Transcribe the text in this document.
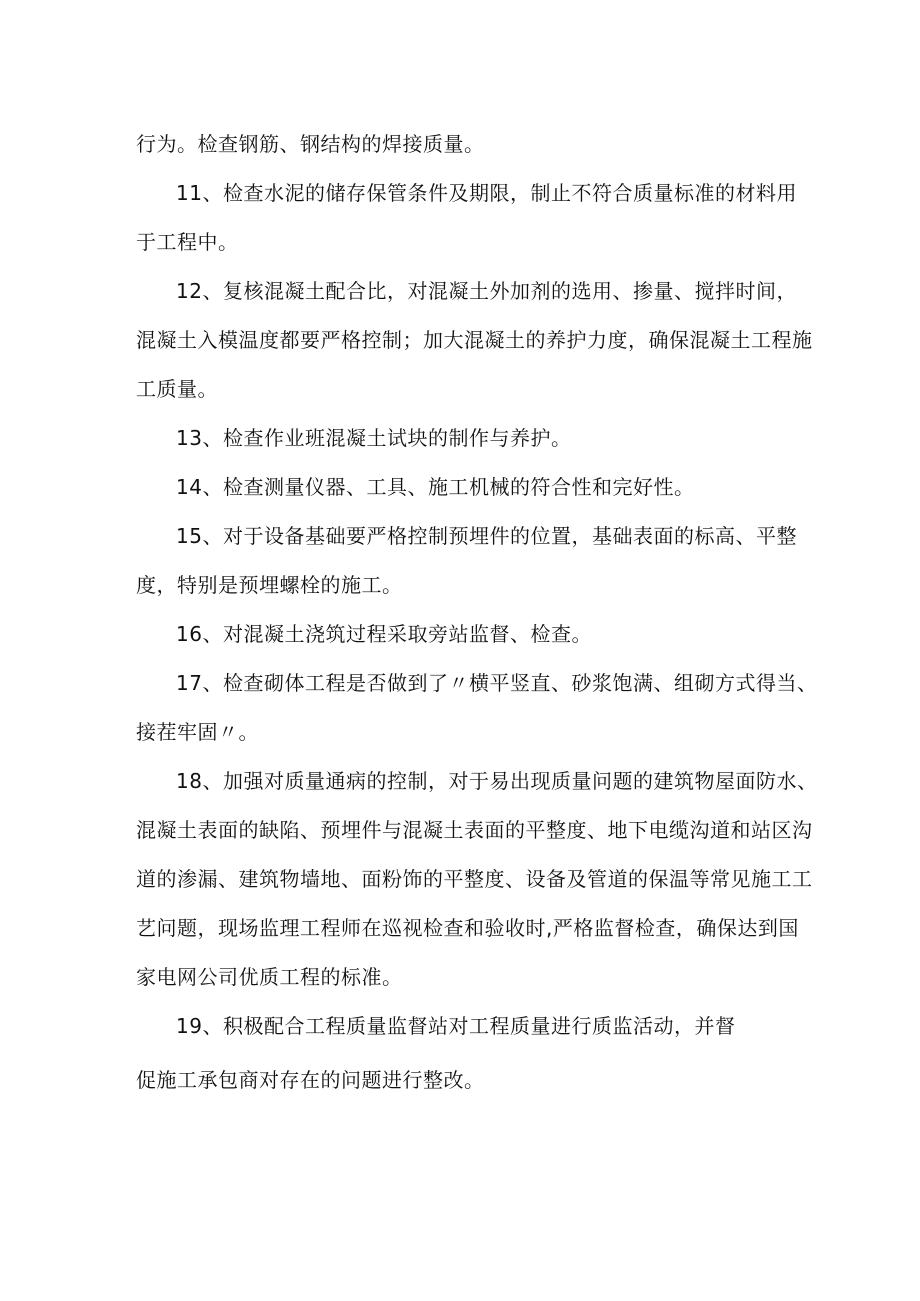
行为。检查钢筋、钢结构的焊接质量。
11、检查水泥的储存保管条件及期限，制止不符合质量标准的材料用
于工程中。
12、复核混凝土配合比，对混凝土外加剂的选用、掺量、搅拌时间，
混凝土入模温度都要严格控制；加大混凝土的养护力度，确保混凝土工程施
工质量。
13、检查作业班混凝土试块的制作与养护。
14、检查测量仪器、工具、施工机械的符合性和完好性。
15、对于设备基础要严格控制预埋件的位置，基础表面的标高、平整
度，特别是预埋螺栓的施工。
16、对混凝土浇筑过程采取旁站监督、检查。
17、检查砌体工程是否做到了〃横平竖直、砂浆饱满、组砌方式得当、
接茬牢固〃。
18、加强对质量通病的控制，对于易出现质量问题的建筑物屋面防水、
混凝土表面的缺陷、预埋件与混凝土表面的平整度、地下电缆沟道和站区沟
道的渗漏、建筑物墙地、面粉饰的平整度、设备及管道的保温等常见施工工
艺问题，现场监理工程师在巡视检查和验收时,严格监督检查，确保达到国
家电网公司优质工程的标准。
19、积极配合工程质量监督站对工程质量进行质监活动，并督
促施工承包商对存在的问题进行整改。
